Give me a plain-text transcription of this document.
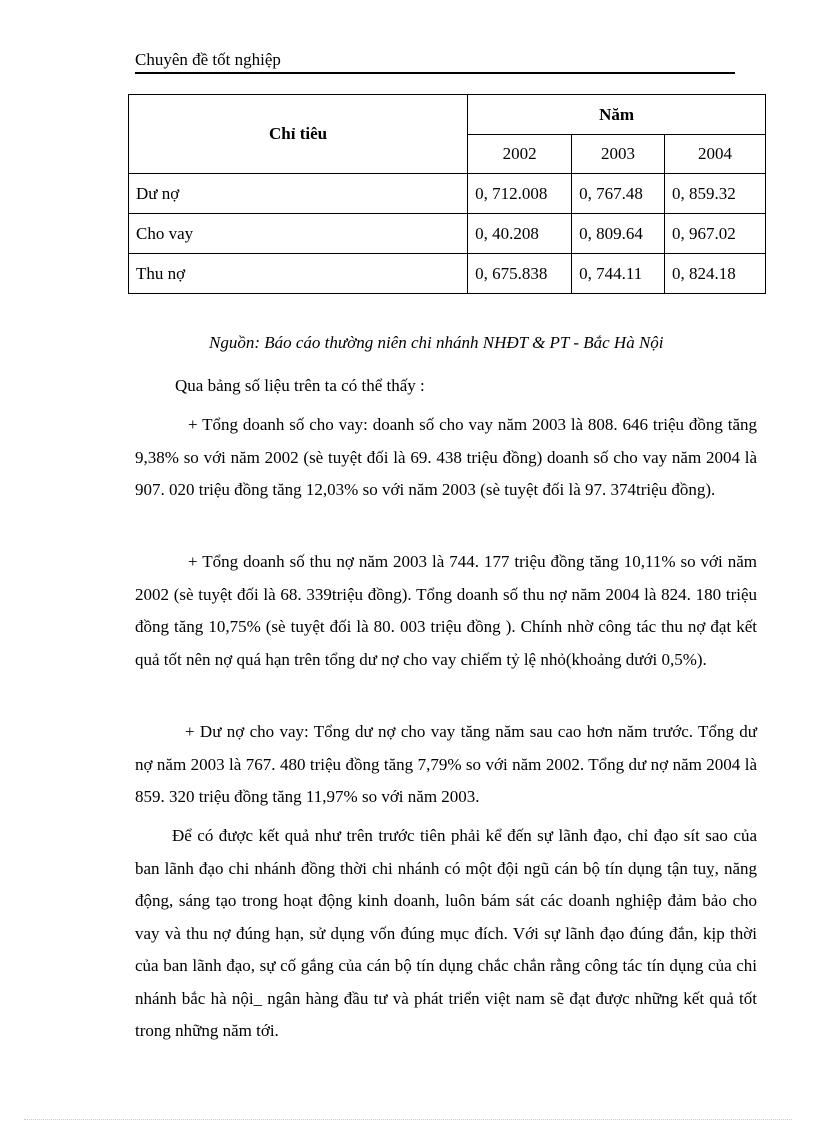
Chuyên đề tốt nghiệp
Chỉ tiêu	Năm		
	2002	2003	2004
Dư nợ	0, 712.008	0, 767.48	0, 859.32
Cho vay	0, 40.208	0, 809.64	0, 967.02
Thu nợ	0, 675.838	0, 744.11	0, 824.18
Nguồn: Báo cáo thường niên chi nhánh NHĐT & PT - Bắc Hà Nội
Qua bảng số liệu trên ta có thể thấy :
+ Tổng doanh số cho vay: doanh số cho vay năm 2003 là 808. 646 triệu đồng tăng 9,38% so với năm 2002 (sè tuyệt đối là 69. 438 triệu đồng) doanh số cho vay năm 2004 là 907. 020 triệu đồng tăng 12,03% so với năm 2003 (sè tuyệt đối là 97. 374triệu đồng).
+ Tổng doanh số thu nợ năm 2003 là 744. 177 triệu đồng tăng 10,11% so với năm 2002 (sè tuyệt đối là 68. 339triệu đồng). Tổng doanh số thu nợ năm 2004 là 824. 180 triệu đồng tăng 10,75% (sè tuyệt đối là 80. 003 triệu đồng ). Chính nhờ công tác thu nợ đạt kết quả tốt nên nợ quá hạn trên tổng dư nợ cho vay chiếm tỷ lệ nhỏ(khoảng dưới 0,5%).
+ Dư nợ cho vay: Tổng dư nợ cho vay tăng năm sau cao hơn năm trước. Tổng dư nợ năm 2003 là 767. 480 triệu đồng tăng 7,79% so với năm 2002. Tổng dư nợ năm 2004 là 859. 320 triệu đồng tăng 11,97% so với năm 2003.
Để có được kết quả như trên trước tiên phải kể đến sự lãnh đạo, chỉ đạo sít sao của ban lãnh đạo chi nhánh đồng thời chi nhánh có một đội ngũ cán bộ tín dụng tận tuỵ, năng động, sáng tạo trong hoạt động kinh doanh, luôn bám sát các doanh nghiệp đảm bảo cho vay và thu nợ đúng hạn, sử dụng vốn đúng mục đích. Với sự lãnh đạo đúng đắn, kịp thời của ban lãnh đạo, sự cố gắng của cán bộ tín dụng chắc chắn rằng công tác tín dụng của chi nhánh bắc hà nội_ ngân hàng đầu tư và phát triển việt nam sẽ đạt được những kết quả tốt trong những năm tới.
